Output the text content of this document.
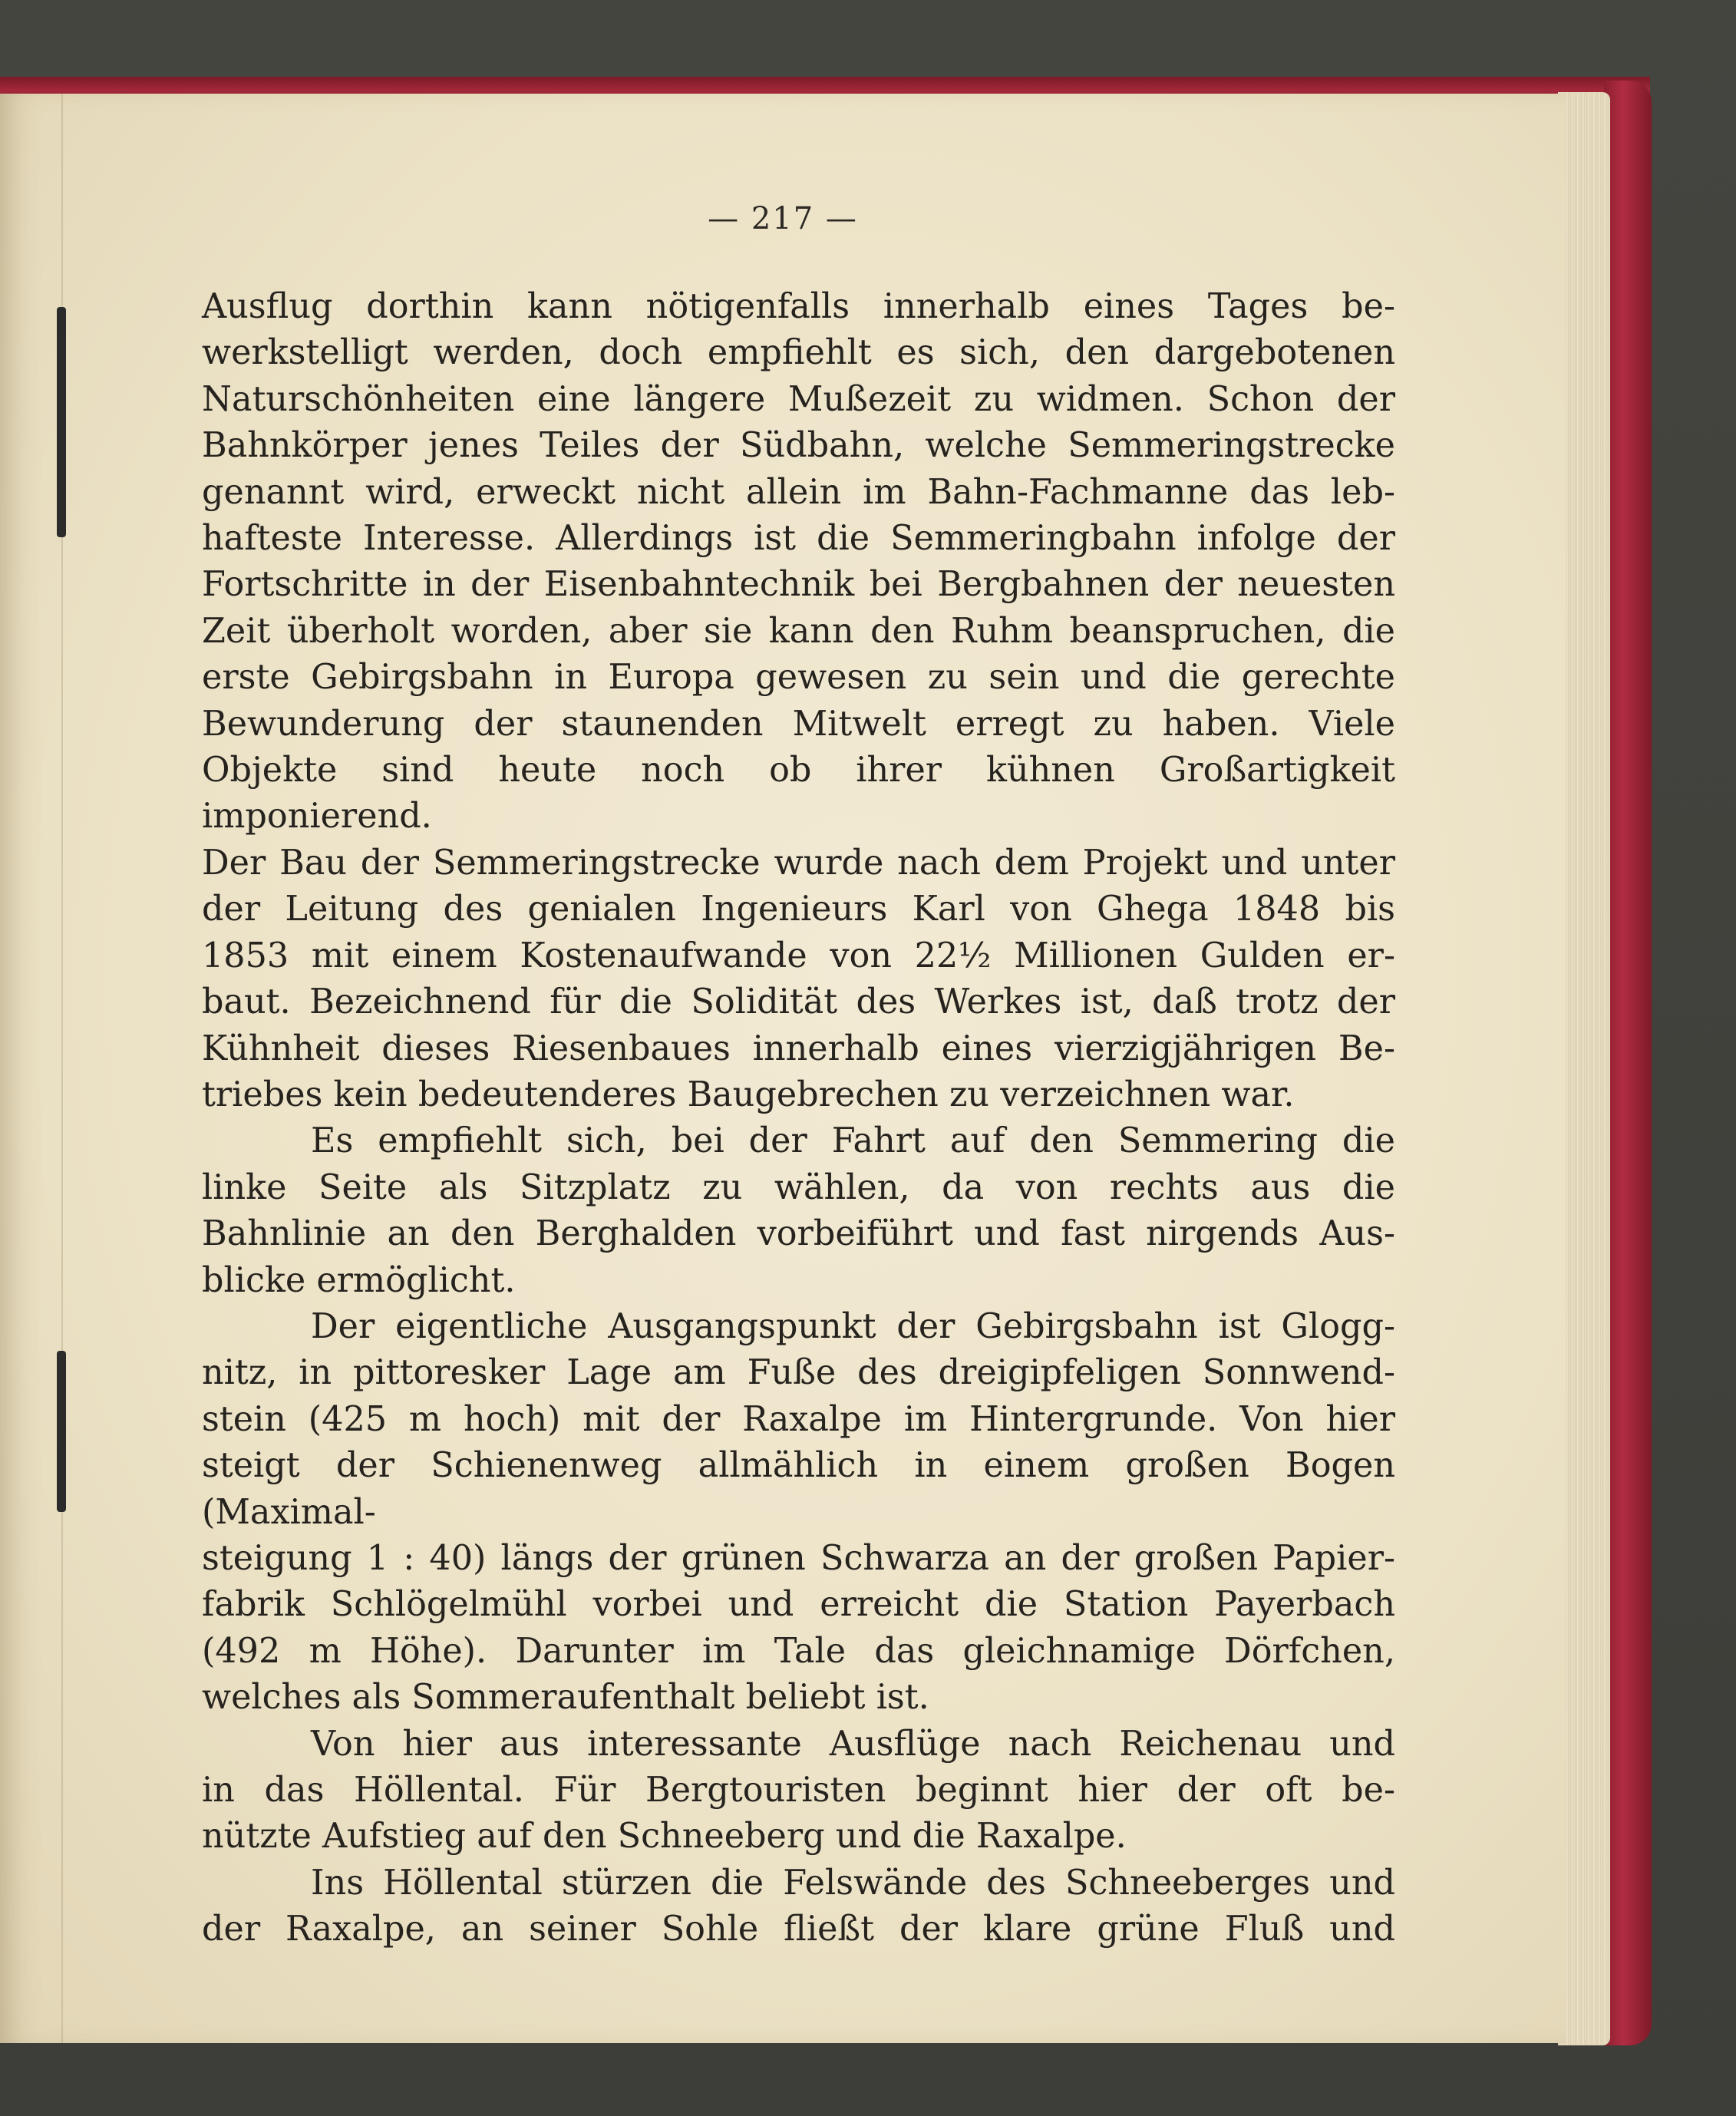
— 217 —

Ausflug dorthin kann nötigenfalls innerhalb eines Tages be-

werkstelligt werden, doch empfiehlt es sich, den dargebotenen

Naturschönheiten eine längere Mußezeit zu widmen. Schon der

Bahnkörper jenes Teiles der Südbahn, welche Semmeringstrecke

genannt wird, erweckt nicht allein im Bahn-Fachmanne das leb-

hafteste Interesse. Allerdings ist die Semmeringbahn infolge der

Fortschritte in der Eisenbahntechnik bei Bergbahnen der neuesten

Zeit überholt worden, aber sie kann den Ruhm beanspruchen, die

erste Gebirgsbahn in Europa gewesen zu sein und die gerechte

Bewunderung der staunenden Mitwelt erregt zu haben. Viele

Objekte sind heute noch ob ihrer kühnen Großartigkeit imponierend.

Der Bau der Semmeringstrecke wurde nach dem Projekt und unter

der Leitung des genialen Ingenieurs Karl von Ghega 1848 bis

1853 mit einem Kostenaufwande von 22½ Millionen Gulden er-

baut. Bezeichnend für die Solidität des Werkes ist, daß trotz der

Kühnheit dieses Riesenbaues innerhalb eines vierzigjährigen Be-

triebes kein bedeutenderes Baugebrechen zu verzeichnen war.

Es empfiehlt sich, bei der Fahrt auf den Semmering die

linke Seite als Sitzplatz zu wählen, da von rechts aus die

Bahnlinie an den Berghalden vorbeiführt und fast nirgends Aus-

blicke ermöglicht.

Der eigentliche Ausgangspunkt der Gebirgsbahn ist Glogg-

nitz, in pittoresker Lage am Fuße des dreigipfeligen Sonnwend-

stein (425 m hoch) mit der Raxalpe im Hintergrunde. Von hier

steigt der Schienenweg allmählich in einem großen Bogen (Maximal-

steigung 1 : 40) längs der grünen Schwarza an der großen Papier-

fabrik Schlögelmühl vorbei und erreicht die Station Payerbach

(492 m Höhe). Darunter im Tale das gleichnamige Dörfchen,

welches als Sommeraufenthalt beliebt ist.

Von hier aus interessante Ausflüge nach Reichenau und

in das Höllental. Für Bergtouristen beginnt hier der oft be-

nützte Aufstieg auf den Schneeberg und die Raxalpe.

Ins Höllental stürzen die Felswände des Schneeberges und

der Raxalpe, an seiner Sohle fließt der klare grüne Fluß und
